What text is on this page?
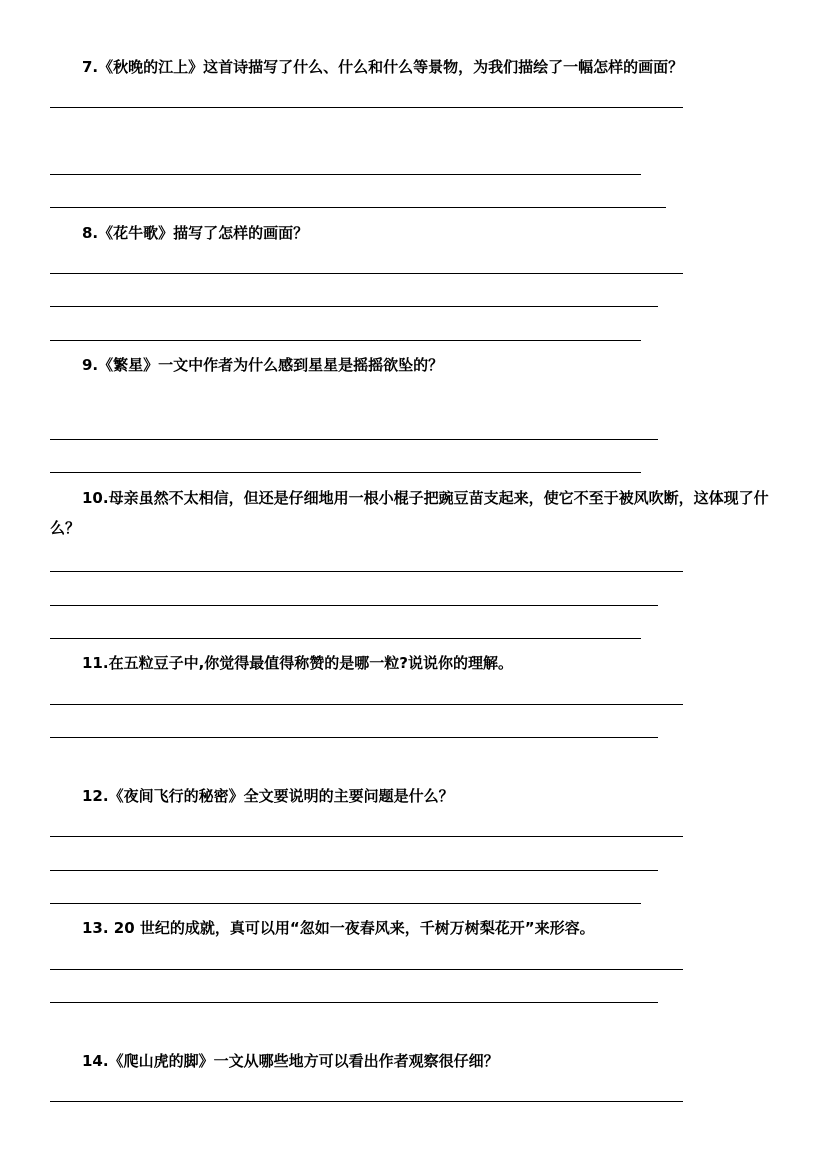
7.《秋晚的江上》这首诗描写了什么、什么和什么等景物，为我们描绘了一幅怎样的画面？

8.《花牛歌》描写了怎样的画面？

9.《繁星》一文中作者为什么感到星星是摇摇欲坠的？

10.母亲虽然不太相信，但还是仔细地用一根小棍子把豌豆苗支起来，使它不至于被风吹断，这体现了什么？

11.在五粒豆子中,你觉得最值得称赞的是哪一粒?说说你的理解。

12.《夜间飞行的秘密》全文要说明的主要问题是什么？

13. 20 世纪的成就，真可以用“忽如一夜春风来，千树万树梨花开”来形容。

14.《爬山虎的脚》一文从哪些地方可以看出作者观察很仔细？
